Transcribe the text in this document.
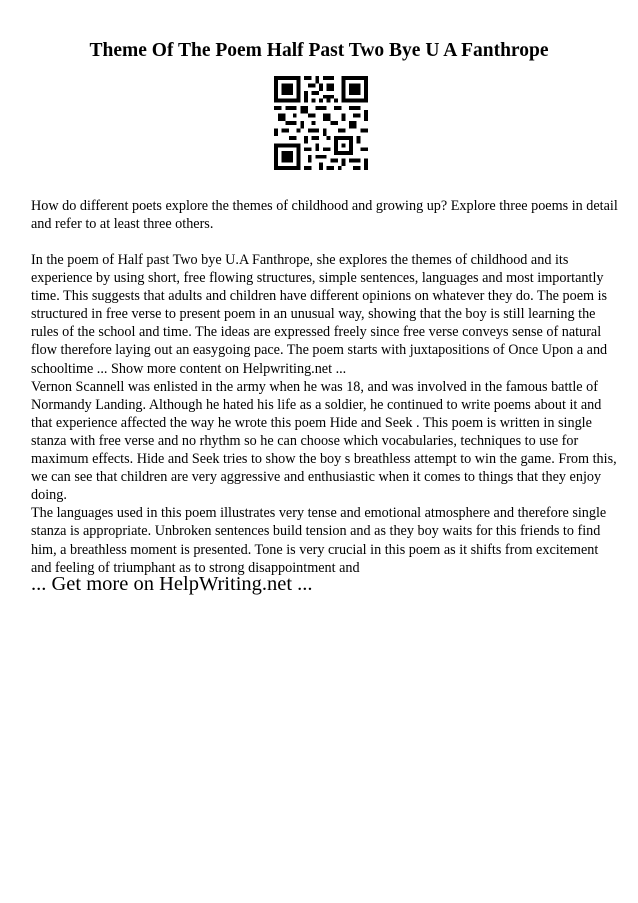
Theme Of The Poem Half Past Two Bye U A Fanthrope

How do different poets explore the themes of childhood and growing up? Explore three poems in detail and refer to at least three others.

In the poem of Half past Two bye U.A Fanthrope, she explores the themes of childhood and its experience by using short, free flowing structures, simple sentences, languages and most importantly time. This suggests that adults and children have different opinions on whatever they do. The poem is structured in free verse to present poem in an unusual way, showing that the boy is still learning the rules of the school and time. The ideas are expressed freely since free verse conveys sense of natural flow therefore laying out an easygoing pace. The poem starts with juxtapositions of Once Upon a and schooltime ... Show more content on Helpwriting.net ...
Vernon Scannell was enlisted in the army when he was 18, and was involved in the famous battle of Normandy Landing. Although he hated his life as a soldier, he continued to write poems about it and that experience affected the way he wrote this poem Hide and Seek . This poem is written in single stanza with free verse and no rhythm so he can choose which vocabularies, techniques to use for maximum effects. Hide and Seek tries to show the boy s breathless attempt to win the game. From this, we can see that children are very aggressive and enthusiastic when it comes to things that they enjoy doing.
The languages used in this poem illustrates very tense and emotional atmosphere and therefore single stanza is appropriate. Unbroken sentences build tension and as they boy waits for this friends to find him, a breathless moment is presented. Tone is very crucial in this poem as it shifts from excitement and feeling of triumphant as to strong disappointment and
... Get more on HelpWriting.net ...
